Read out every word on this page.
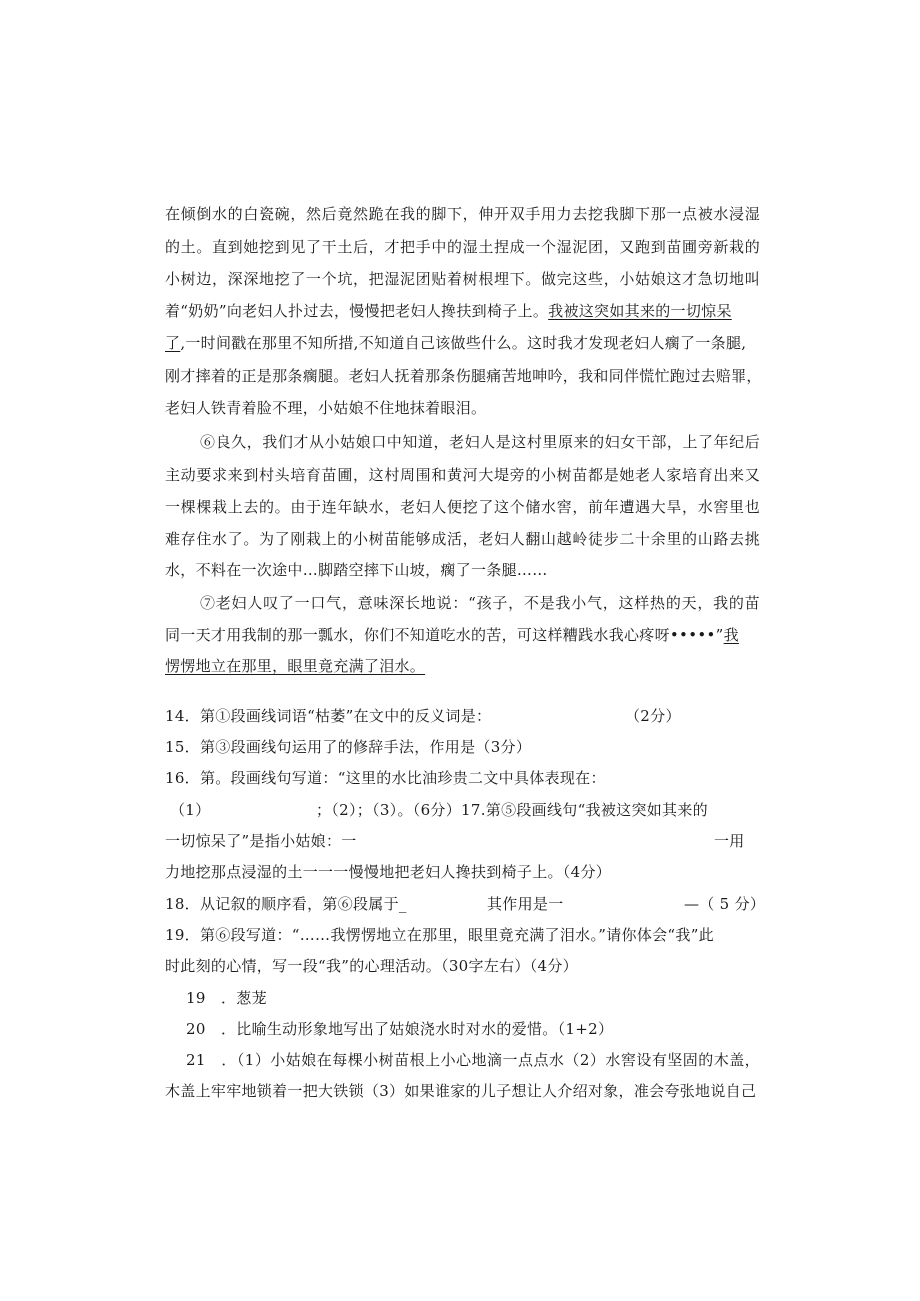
在倾倒水的白瓷碗，然后竟然跪在我的脚下，伸开双手用力去挖我脚下那一点被水浸湿
的土。直到她挖到见了干土后，才把手中的湿土捏成一个湿泥团，又跑到苗圃旁新栽的
小树边，深深地挖了一个坑，把湿泥团贴着树根埋下。做完这些，小姑娘这才急切地叫
着“奶奶”向老妇人扑过去，慢慢把老妇人搀扶到椅子上。我被这突如其来的一切惊呆
了,一时间戳在那里不知所措,不知道自己该做些什么。这时我才发现老妇人瘸了一条腿,
刚才摔着的正是那条瘸腿。老妇人抚着那条伤腿痛苦地呻吟，我和同伴慌忙跑过去赔罪，
老妇人铁青着脸不理，小姑娘不住地抹着眼泪。
⑥良久，我们才从小姑娘口中知道，老妇人是这村里原来的妇女干部，上了年纪后
主动要求来到村头培育苗圃，这村周围和黄河大堤旁的小树苗都是她老人家培育出来又
一棵棵栽上去的。由于连年缺水，老妇人便挖了这个储水窖，前年遭遇大旱，水窖里也
难存住水了。为了刚栽上的小树苗能够成活，老妇人翻山越岭徒步二十余里的山路去挑
水，不料在一次途中…脚踏空摔下山坡，瘸了一条腿……
⑦老妇人叹了一口气，意味深长地说：“孩子，不是我小气，这样热的天，我的苗
同一天才用我制的那一瓢水，你们不知道吃水的苦，可这样糟践水我心疼呀•••••”我
愣愣地立在那里，眼里竟充满了泪水。
14．第①段画线词语“枯萎”在文中的反义词是：	（2分）
15．第③段画线句运用了的修辞手法，作用是（3分）
16．第。段画线句写道：“这里的水比油珍贵二文中具体表现在：
（1）	；（2）；（3）。（6分）17.第⑤段画线句“我被这突如其来的
一切惊呆了”是指小姑娘：一	一用
力地挖那点浸湿的土一一一慢慢地把老妇人搀扶到椅子上。（4分）
18．从记叙的顺序看，第⑥段属于_	其作用是一	—（ 5 分）
19．第⑥段写道：“……我愣愣地立在那里，眼里竟充满了泪水。”请你体会“我”此
时此刻的心情，写一段“我”的心理活动。（30字左右）（4分）
19　．葱茏
20　．比喻生动形象地写出了姑娘浇水时对水的爱惜。（1+2）
21　．（1）小姑娘在每棵小树苗根上小心地滴一点点水（2）水窖设有坚固的木盖，
木盖上牢牢地锁着一把大铁锁（3）如果谁家的儿子想让人介绍对象，准会夸张地说自己
